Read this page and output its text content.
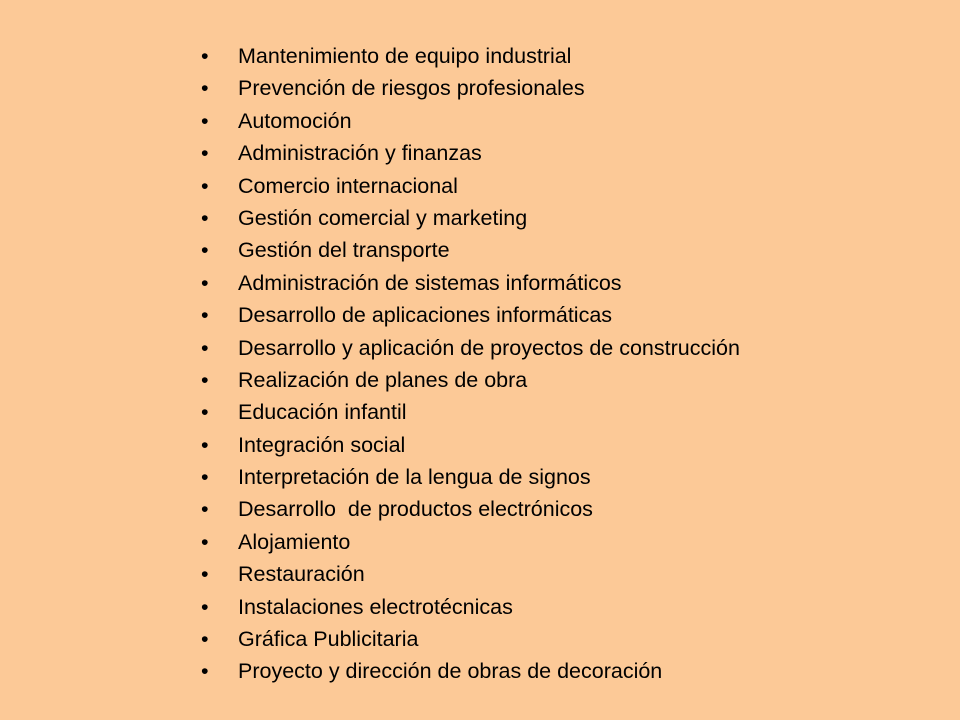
•	Mantenimiento de equipo industrial
•	Prevención de riesgos profesionales
•	Automoción
•	Administración y finanzas
•	Comercio internacional
•	Gestión comercial y marketing
•	Gestión del transporte
•	Administración de sistemas informáticos
•	Desarrollo de aplicaciones informáticas
•	Desarrollo y aplicación de proyectos de construcción
•	Realización de planes de obra
•	Educación infantil
•	Integración social
•	Interpretación de la lengua de signos
•	Desarrollo  de productos electrónicos
•	Alojamiento
•	Restauración
•	Instalaciones electrotécnicas
•	Gráfica Publicitaria
•	Proyecto y dirección de obras de decoración
